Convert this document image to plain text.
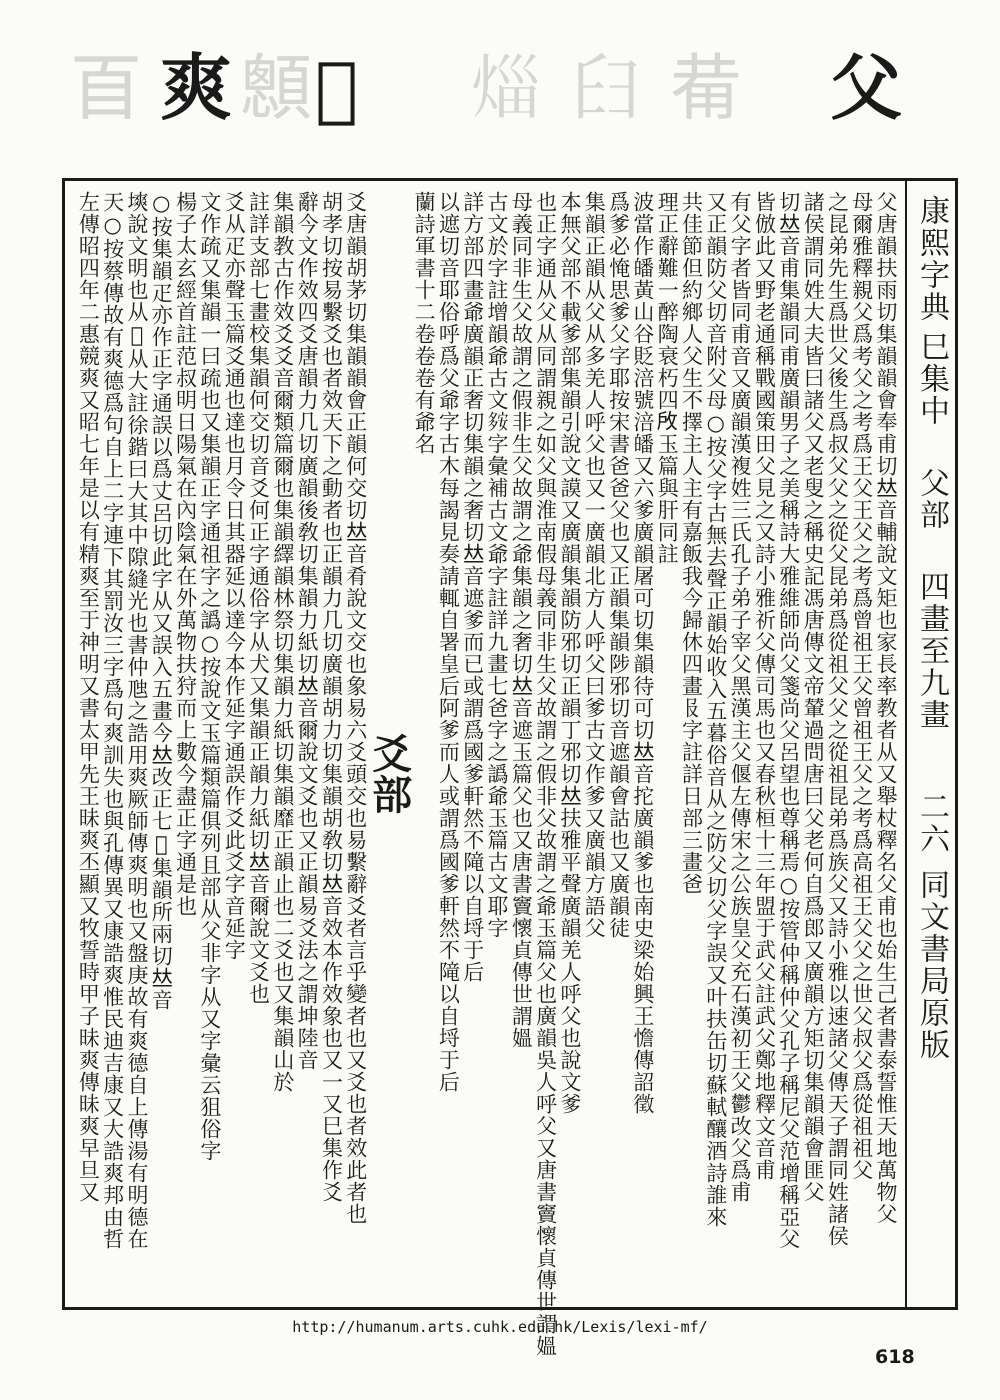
𦣻 爽 𩕄 𤕬 𤉣 𦥑 𤰇 父
康熙字典
巳集中
父部
四畫至九畫
二六
同文書局原版
父唐韻扶雨切集韻韻會奉甫切𠀤音輔說文矩也家長率教者从又舉杖釋名父甫也始生己者書泰誓惟天地萬物父
母爾雅釋親父爲考父之考爲王父王父之考爲曾祖王父曾祖王父之考爲高祖王父父之世父叔父爲從祖祖父
之昆弟先生爲世父後生爲叔父父之從父昆弟爲從祖父父之從祖昆弟爲族父又詩小雅以速諸父傳天子謂同姓諸侯
諸侯謂同姓大夫皆曰諸父又老叟之稱史記馮唐傳文帝輦過問唐曰父老何自爲郎又廣韻方矩切集韻韻會匪父
切𠀤音甫集韻同甫廣韻男子之美稱詩大雅維師尚父箋尚父呂望也尊稱焉○按管仲稱仲父孔子稱尼父范增稱亞父
皆倣此又野老通稱戰國策田父見之又詩小雅祈父傳司馬也又春秋桓十三年盟于武父註武父鄭地釋文音甫
有父字者皆同甫音又廣韻漢複姓三氏孔子弟子宰父黑漢主父偃左傳宋之公族皇父充石漢初王父鬱改父爲甫
又正韻防父切音附父母○按父字古無去聲正韻始收入五暮俗音从之防父切父字誤又叶扶缶切蘇軾釀酒詩誰來
共佳節但約鄉人父生不擇主人主有嘉飯我今歸休四畫𠬝字註詳日部三畫爸
理正辭難一醉陶衰朽四𢼄玉篇與肝同註
波當作皤黃山谷貶涪號涪皤又六爹廣韻屠可切集韻待可切𠀤音拕廣韻爹也南史梁始興王憺傳詔徵
爲爹必㤿思爹父字耶按宋書爸爸父也又正韻集韻陟邪切音遮韻會詁也又廣韻徒
集韻正韻从父从多羌人呼父也又一廣韻北方人呼父曰爹古文作爹又廣韻方語父
本無父部不載爹部集韻引說文謨又廣韻集韻防邪切正韻丁邪切𠀤扶雅平聲廣韻羌人呼父也說文爹
也正字通从父从同謂親之如父與淮南假母義同非生父故謂之假非父故謂之爺玉篇父也廣韻吳人呼父又唐書竇懷貞傳世謂媼
母義同非生父故謂之假非生父故謂之爺集韻之奢切𠀤音遮玉篇父也又唐書竇懷貞傳世謂媼
古文於字註增韻爺古文𡖨字彙補古文爺字註詳九畫七爸字之譌爺玉篇古文耶字
詳方部四畫爺廣韻正奢切集韻之奢切𠀤音遮爹而已或謂爲國爹軒然不𨻫以自埒于后
以遮切音耶俗呼爲父爺字古木每謁見奏請輒自署皇后阿爹而人或謂爲國爹軒然不𨻫以自埒于后
蘭詩軍書十二卷卷卷有爺名
爻部
爻唐韻胡茅切集韻韻會正韻何交切𠀤音肴說文交也象易六爻頭交也易繫辭爻者言乎變者也又爻也者效此者也
胡孝切按易繫爻也者效天下之動者也正韻力几切廣韻胡力切集韻胡敎切𠀤音效本作效象也又一又巳集作爻
辭今文作效四爻唐韻力几切廣韻後敎切集韻力紙切𠀤音爾說文爻也又正韻易爻法之謂坤陸音
集韻教古作效爻爻音爾類篇爾也集韻繹韻林祭切集韻力紙切集韻靡正韻止也二爻也又集韻山於
註詳支部七畫校集韻何交切音爻何正字通俗字从犬又集韻正韻力紙切𠀤音爾說文爻也
爻从疋亦聲玉篇爻通也達也月令日其器延以達今本作延字通誤作爻此爻字音延字
文作疏又集韻一曰疏也又集韻正字通祖字之譌○按說文玉篇類篇俱列且部从父非字从又字彙云狙俗字
楊子太玄經首註范叔明日陽氣在內陰氣在外萬物扶狩而上數今盡正字通是也
○按集韻疋亦作正字通誤以爲丈呂切此字从又誤入五畫今𠀤改正七𤕬集韻所兩切𠀤音
塽說文明也从𤕬从大註徐鍇曰大其中隙縫光也書仲虺之誥用爽厥師傳爽明也又盤庚故有爽德自上傳湯有明德在
天○按蔡傳故有爽德爲句自上二字連下其罰汝三字爲句爽訓失也與孔傳異又康誥爽惟民迪吉康又大誥爽邦由哲
左傳昭四年二惠競爽又昭七年是以有精爽至于神明又書太甲先王昧爽丕顯又牧誓時甲子昧爽傳昧爽早旦又
http://humanum.arts.cuhk.edu.hk/Lexis/lexi-mf/
618
